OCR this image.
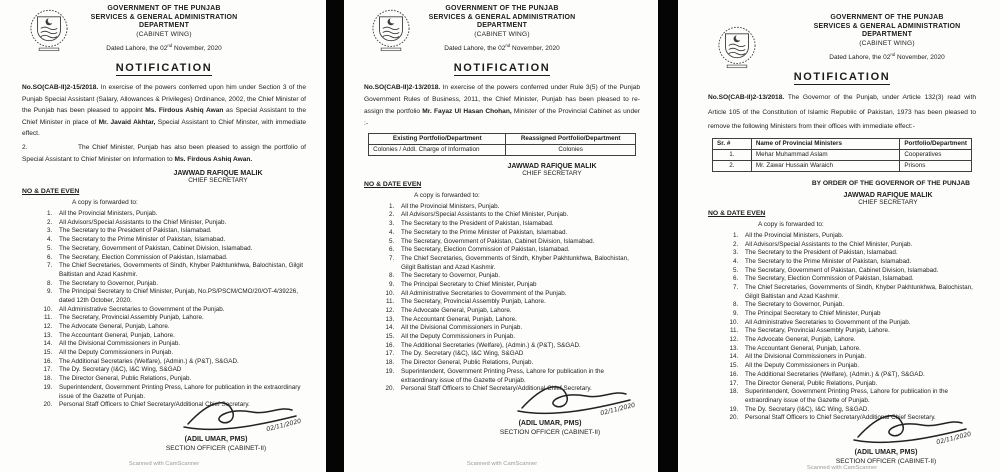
GOVERNMENT OF THE PUNJAB
SERVICES & GENERAL ADMINISTRATION
DEPARTMENT
(CABINET WING)
Dated Lahore, the 02nd November, 2020
NOTIFICATION

No.SO(CAB-II)2-15/2018. In exercise of the powers conferred upon him under Section 3 of the Punjab Special Assistant (Salary, Allowances & Privileges) Ordinance, 2002, the Chief Minister of the Punjab has been pleased to appoint Ms. Firdous Ashiq Awan as Special Assistant to the Chief Minister in place of Mr. Javaid Akhtar, Special Assistant to Chief Minster, with immediate effect.

2.	The Chief Minister, Punjab has also been pleased to assign the portfolio of Special Assistant to Chief Minister on Information to Ms. Firdous Ashiq Awan.

JAWWAD RAFIQUE MALIK
CHIEF SECRETARY
NO & DATE EVEN
A copy is forwarded to:
1. All the Provincial Ministers, Punjab.
2. All Advisors/Special Assistants to the Chief Minister, Punjab.
3. The Secretary to the President of Pakistan, Islamabad.
4. The Secretary to the Prime Minister of Pakistan, Islamabad.
5. The Secretary, Government of Pakistan, Cabinet Division, Islamabad.
6. The Secretary, Election Commission of Pakistan, Islamabad.
7. The Chief Secretaries, Governments of Sindh, Khyber Pakhtunkhwa, Balochistan, Gilgit Baltistan and Azad Kashmir.
8. The Secretary to Governor, Punjab.
9. The Principal Secretary to Chief Minister, Punjab, No.PS/PSCM/CMO/20/OT-4/39226, dated 12th October, 2020.
10. All Administrative Secretaries to Government of the Punjab.
11. The Secretary, Provincial Assembly Punjab, Lahore.
12. The Advocate General, Punjab, Lahore.
13. The Accountant General, Punjab, Lahore.
14. All the Divisional Commissioners in Punjab.
15. All the Deputy Commissioners in Punjab.
16. The Additional Secretaries (Welfare), (Admin.) & (P&T), S&GAD.
17. The Dy. Secretary (I&C), I&C Wing, S&GAD
18. The Director General, Public Relations, Punjab.
19. Superintendent, Government Printing Press, Lahore for publication in the extraordinary issue of the Gazette of Punjab.
20. Personal Staff Officers to Chief Secretary/Additional Chief Secretary.
02/11/2020
(ADIL UMAR, PMS)
SECTION OFFICER (CABINET-II)
Scanned with CamScanner
GOVERNMENT OF THE PUNJAB
SERVICES & GENERAL ADMINISTRATION
DEPARTMENT
(CABINET WING)
Dated Lahore, the 02nd November, 2020
NOTIFICATION

No.SO(CAB-II)2-13/2018. In exercise of the powers conferred under Rule 3(5) of the Punjab Government Rules of Business, 2011, the Chief Minister, Punjab has been pleased to re-assign the portfolio Mr. Fayaz Ul Hasan Chohan, Minister of the Provincial Cabinet as under :-

Existing Portfolio/Department	Reassigned Portfolio/Department
Colonies / Addl. Charge of Information	Colonies
JAWWAD RAFIQUE MALIK
CHIEF SECRETARY
NO & DATE EVEN
A copy is forwarded to:
1. All the Provincial Ministers, Punjab.
2. All Advisors/Special Assistants to the Chief Minister, Punjab.
3. The Secretary to the President of Pakistan, Islamabad.
4. The Secretary to the Prime Minister of Pakistan, Islamabad.
5. The Secretary, Government of Pakistan, Cabinet Division, Islamabad.
6. The Secretary, Election Commission of Pakistan, Islamabad.
7. The Chief Secretaries, Governments of Sindh, Khyber Pakhtunkhwa, Balochistan, Gilgit Baltistan and Azad Kashmir.
8. The Secretary to Governor, Punjab.
9. The Principal Secretary to Chief Minister, Punjab
10. All Administrative Secretaries to Government of the Punjab.
11. The Secretary, Provincial Assembly Punjab, Lahore.
12. The Advocate General, Punjab, Lahore.
13. The Accountant General, Punjab, Lahore.
14. All the Divisional Commissioners in Punjab.
15. All the Deputy Commissioners in Punjab.
16. The Additional Secretaries (Welfare), (Admin.) & (P&T), S&GAD.
17. The Dy. Secretary (I&C), I&C Wing, S&GAD
18. The Director General, Public Relations, Punjab.
19. Superintendent, Government Printing Press, Lahore for publication in the extraordinary issue of the Gazette of Punjab.
20. Personal Staff Officers to Chief Secretary/Additional Chief Secretary.
02/11/2020
(ADIL UMAR, PMS)
SECTION OFFICER (CABINET-II)
Scanned with CamScanner
GOVERNMENT OF THE PUNJAB
SERVICES & GENERAL ADMINISTRATION
DEPARTMENT
(CABINET WING)
Dated Lahore, the 02nd November, 2020
NOTIFICATION

No.SO(CAB-II)2-13/2018. The Governor of the Punjab, under Article 132(3) read with Article 105 of the Constitution of Islamic Republic of Pakistan, 1973 has been pleased to remove the following Ministers from their offices with immediate effect:-

Sr. #	Name of Provincial Ministers	Portfolio/Department
1.	Mehar Muhammad Aslam	Cooperatives
2.	Mr. Zawar Hussain Waraich	Prisons
BY ORDER OF THE GOVERNOR OF THE PUNJAB
JAWWAD RAFIQUE MALIK
CHIEF SECRETARY
NO & DATE EVEN
A copy is forwarded to:
1. All the Provincial Ministers, Punjab.
2. All Advisors/Special Assistants to the Chief Minister, Punjab.
3. The Secretary to the President of Pakistan, Islamabad.
4. The Secretary to the Prime Minister of Pakistan, Islamabad.
5. The Secretary, Government of Pakistan, Cabinet Division, Islamabad.
6. The Secretary, Election Commission of Pakistan, Islamabad.
7. The Chief Secretaries, Governments of Sindh, Khyber Pakhtunkhwa, Balochistan, Gilgit Baltistan and Azad Kashmir.
8. The Secretary to Governor, Punjab.
9. The Principal Secretary to Chief Minister, Punjab
10. All Administrative Secretaries to Government of the Punjab.
11. The Secretary, Provincial Assembly Punjab, Lahore.
12. The Advocate General, Punjab, Lahore.
13. The Accountant General, Punjab, Lahore.
14. All the Divisional Commissioners in Punjab.
15. All the Deputy Commissioners in Punjab.
16. The Additional Secretaries (Welfare), (Admin.) & (P&T), S&GAD.
17. The Director General, Public Relations, Punjab.
18. Superintendent, Government Printing Press, Lahore for publication in the extraordinary issue of the Gazette of Punjab.
19. The Dy. Secretary (I&C), I&C Wing, S&GAD.
20. Personal Staff Officers to Chief Secretary/Additional Chief Secretary.
02/11/2020
(ADIL UMAR, PMS)
SECTION OFFICER (CABINET-II)
Scanned with CamScanner
